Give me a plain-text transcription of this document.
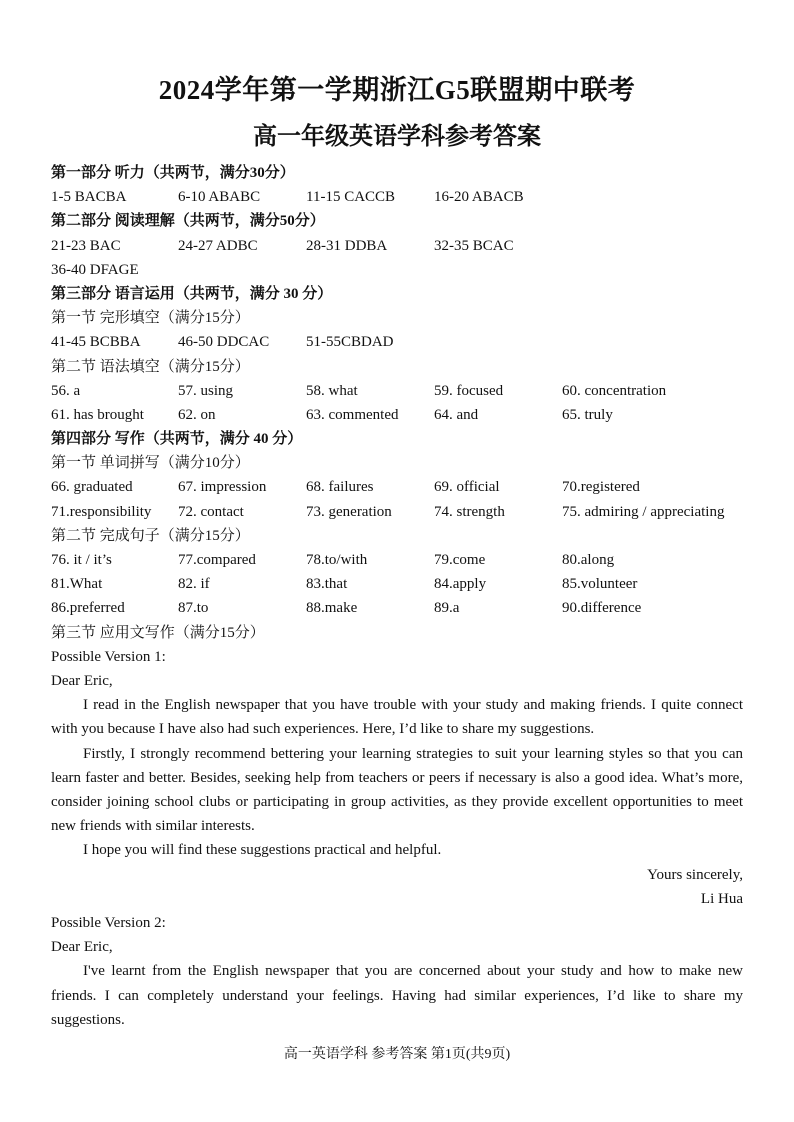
2024学年第一学期浙江G5联盟期中联考
高一年级英语学科参考答案
第一部分 听力（共两节，满分30分）
1-5 BACBA	6-10 ABABC	11-15 CACCB	16-20 ABACB
第二部分 阅读理解（共两节，满分50分）
21-23 BAC	24-27 ADBC	28-31 DDBA	32-35 BCAC
36-40 DFAGE
第三部分 语言运用（共两节，满分 30 分）
第一节 完形填空（满分15分）
41-45 BCBBA 46-50 DDCAC 51-55CBDAD
第二节 语法填空（满分15分）
56. a	57. using	58. what	59. focused	60. concentration
61. has brought 62. on	63. commented 64. and	65. truly
第四部分 写作（共两节，满分 40 分）
第一节 单词拼写（满分10分）
66. graduated	67. impression	68. failures	69. official	70.registered
71.responsibility 72. contact	73. generation	74. strength	75. admiring / appreciating
第二节 完成句子（满分15分）
76. it / it’s	77.compared	78.to/with	79.come	80.along
81.What	82. if	83.that	84.apply	85.volunteer
86.preferred	87.to	88.make	89.a	90.difference
第三节 应用文写作（满分15分）
Possible Version 1:
Dear Eric,

I read in the English newspaper that you have trouble with your study and making friends. I quite connect with you because I have also had such experiences. Here, I’d like to share my suggestions.

Firstly, I strongly recommend bettering your learning strategies to suit your learning styles so that you can learn faster and better. Besides, seeking help from teachers or peers if necessary is also a good idea. What’s more, consider joining school clubs or participating in group activities, as they provide excellent opportunities to meet new friends with similar interests.

I hope you will find these suggestions practical and helpful.

Yours sincerely,
Li Hua
Possible Version 2:
Dear Eric,

I've learnt from the English newspaper that you are concerned about your study and how to make new friends. I can completely understand your feelings. Having had similar experiences, I’d like to share my suggestions.

高一英语学科 参考答案 第1页(共9页)
